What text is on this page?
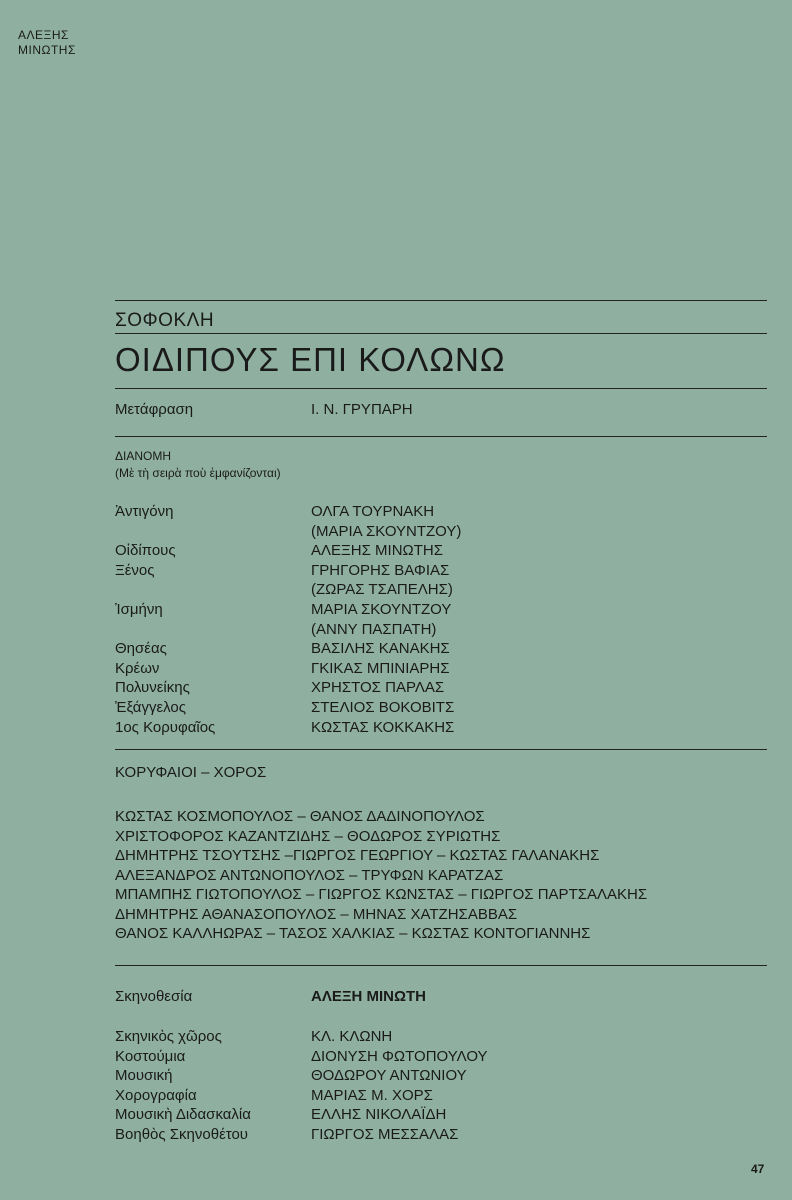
ΑΛΕΞΗΣ
ΜΙΝΩΤΗΣ
ΣΟΦΟΚΛΗ
ΟΙΔΙΠΟΥΣ ΕΠΙ ΚΟΛΩΝΩ
Μετάφραση	Ι. Ν. ΓΡΥΠΑΡΗ
ΔΙΑΝΟΜΗ
(Μὲ τὴ σειρὰ ποὺ ἐμφανίζονται)
Ἀντιγόνη	ΟΛΓΑ ΤΟΥΡΝΑΚΗ
(ΜΑΡΙΑ ΣΚΟΥΝΤΖΟΥ)
Οἰδίπους	ΑΛΕΞΗΣ ΜΙΝΩΤΗΣ
Ξένος	ΓΡΗΓΟΡΗΣ ΒΑΦΙΑΣ
(ΖΩΡΑΣ ΤΣΑΠΕΛΗΣ)
Ἰσμήνη	ΜΑΡΙΑ ΣΚΟΥΝΤΖΟΥ
(ΑΝΝΥ ΠΑΣΠΑΤΗ)
Θησέας	ΒΑΣΙΛΗΣ ΚΑΝΑΚΗΣ
Κρέων	ΓΚΙΚΑΣ ΜΠΙΝΙΑΡΗΣ
Πολυνείκης	ΧΡΗΣΤΟΣ ΠΑΡΛΑΣ
Ἐξάγγελος	ΣΤΕΛΙΟΣ ΒΟΚΟΒΙΤΣ
1ος Κορυφαῖος	ΚΩΣΤΑΣ ΚΟΚΚΑΚΗΣ
ΚΟΡΥΦΑΙΟΙ – ΧΟΡΟΣ
ΚΩΣΤΑΣ ΚΟΣΜΟΠΟΥΛΟΣ – ΘΑΝΟΣ ΔΑΔΙΝΟΠΟΥΛΟΣ
ΧΡΙΣΤΟΦΟΡΟΣ ΚΑΖΑΝΤΖΙΔΗΣ – ΘΟΔΩΡΟΣ ΣΥΡΙΩΤΗΣ
ΔΗΜΗΤΡΗΣ ΤΣΟΥΤΣΗΣ –ΓΙΩΡΓΟΣ ΓΕΩΡΓΙΟΥ – ΚΩΣΤΑΣ ΓΑΛΑΝΑΚΗΣ
ΑΛΕΞΑΝΔΡΟΣ ΑΝΤΩΝΟΠΟΥΛΟΣ – ΤΡΥΦΩΝ ΚΑΡΑΤΖΑΣ
ΜΠΑΜΠΗΣ ΓΙΩΤΟΠΟΥΛΟΣ – ΓΙΩΡΓΟΣ ΚΩΝΣΤΑΣ – ΓΙΩΡΓΟΣ ΠΑΡΤΣΑΛΑΚΗΣ
ΔΗΜΗΤΡΗΣ ΑΘΑΝΑΣΟΠΟΥΛΟΣ – ΜΗΝΑΣ ΧΑΤΖΗΣΑΒΒΑΣ
ΘΑΝΟΣ ΚΑΛΛΗΩΡΑΣ – ΤΑΣΟΣ ΧΑΛΚΙΑΣ – ΚΩΣΤΑΣ ΚΟΝΤΟΓΙΑΝΝΗΣ
Σκηνοθεσία	ΑΛΕΞΗ ΜΙΝΩΤΗ
Σκηνικὸς χῶρος	ΚΛ. ΚΛΩΝΗ
Κοστούμια	ΔΙΟΝΥΣΗ ΦΩΤΟΠΟΥΛΟΥ
Μουσική	ΘΟΔΩΡΟΥ ΑΝΤΩΝΙΟΥ
Χορογραφία	ΜΑΡΙΑΣ Μ. ΧΟΡΣ
Μουσικὴ Διδασκαλία	ΕΛΛΗΣ ΝΙΚΟΛΑΪΔΗ
Βοηθὸς Σκηνοθέτου	ΓΙΩΡΓΟΣ ΜΕΣΣΑΛΑΣ
47
